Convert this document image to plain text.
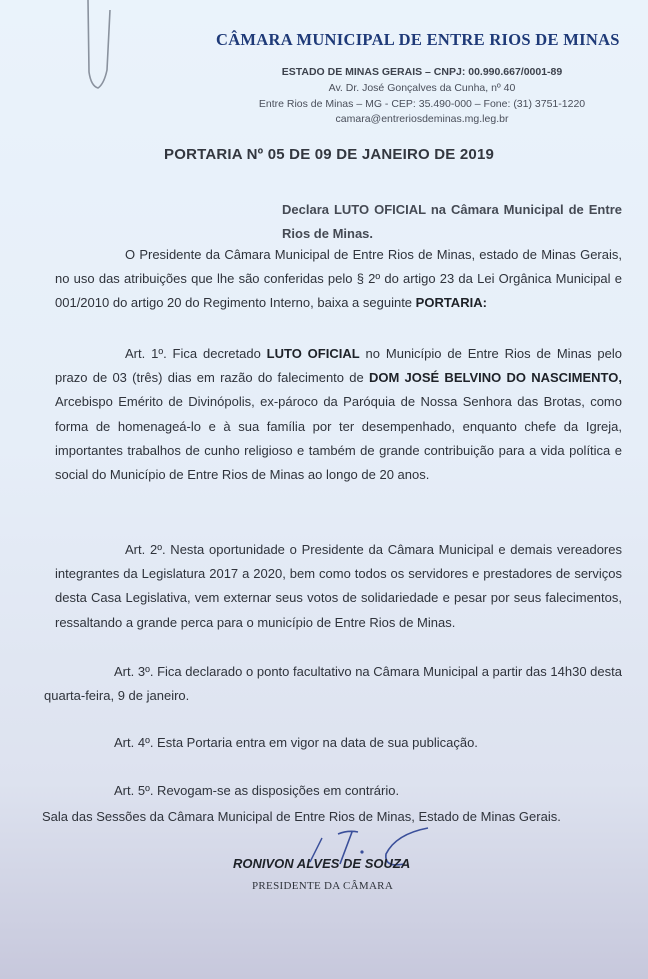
CÂMARA MUNICIPAL DE ENTRE RIOS DE MINAS
ESTADO DE MINAS GERAIS – CNPJ: 00.990.667/0001-89
Av. Dr. José Gonçalves da Cunha, nº 40
Entre Rios de Minas – MG - CEP: 35.490-000 – Fone: (31) 3751-1220
camara@entreriosdeminas.mg.leg.br
PORTARIA Nº 05 DE 09 DE JANEIRO DE 2019
Declara LUTO OFICIAL na Câmara Municipal de Entre Rios de Minas.
O Presidente da Câmara Municipal de Entre Rios de Minas, estado de Minas Gerais, no uso das atribuições que lhe são conferidas pelo § 2º do artigo 23 da Lei Orgânica Municipal e 001/2010 do artigo 20 do Regimento Interno, baixa a seguinte PORTARIA:
Art. 1º. Fica decretado LUTO OFICIAL no Município de Entre Rios de Minas pelo prazo de 03 (três) dias em razão do falecimento de DOM JOSÉ BELVINO DO NASCIMENTO, Arcebispo Emérito de Divinópolis, ex-pároco da Paróquia de Nossa Senhora das Brotas, como forma de homenageá-lo e à sua família por ter desempenhado, enquanto chefe da Igreja, importantes trabalhos de cunho religioso e também de grande contribuição para a vida política e social do Município de Entre Rios de Minas ao longo de 20 anos.
Art. 2º. Nesta oportunidade o Presidente da Câmara Municipal e demais vereadores integrantes da Legislatura 2017 a 2020, bem como todos os servidores e prestadores de serviços desta Casa Legislativa, vem externar seus votos de solidariedade e pesar por seus falecimentos, ressaltando a grande perca para o município de Entre Rios de Minas.
Art. 3º. Fica declarado o ponto facultativo na Câmara Municipal a partir das 14h30 desta quarta-feira, 9 de janeiro.
Art. 4º. Esta Portaria entra em vigor na data de sua publicação.
Art. 5º. Revogam-se as disposições em contrário.
Sala das Sessões da Câmara Municipal de Entre Rios de Minas, Estado de Minas Gerais.
RONIVON ALVES DE SOUZA
PRESIDENTE DA CÂMARA
